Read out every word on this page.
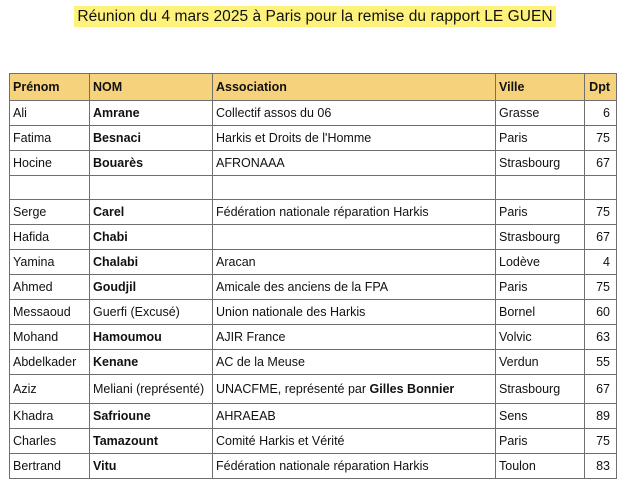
Réunion du 4 mars 2025 à Paris pour la remise du rapport LE GUEN
Prénom	NOM	Association	Ville	Dpt
Ali	Amrane	Collectif assos du 06	Grasse	6
Fatima	Besnaci	Harkis et Droits de l'Homme	Paris	75
Hocine	Bouarès	AFRONAAA	Strasbourg	67

Serge	Carel	Fédération nationale réparation Harkis	Paris	75
Hafida	Chabi		Strasbourg	67
Yamina	Chalabi	Aracan	Lodève	4
Ahmed	Goudjil	Amicale des anciens de la FPA	Paris	75
Messaoud	Guerfi (Excusé)	Union nationale des Harkis	Bornel	60
Mohand	Hamoumou	AJIR France	Volvic	63
Abdelkader	Kenane	AC de la Meuse	Verdun	55
Aziz	Meliani (représenté)	UNACFME, représenté par Gilles Bonnier	Strasbourg	67
Khadra	Safrioune	AHRAEAB	Sens	89
Charles	Tamazount	Comité Harkis et Vérité	Paris	75
Bertrand	Vitu	Fédération nationale réparation Harkis	Toulon	83
